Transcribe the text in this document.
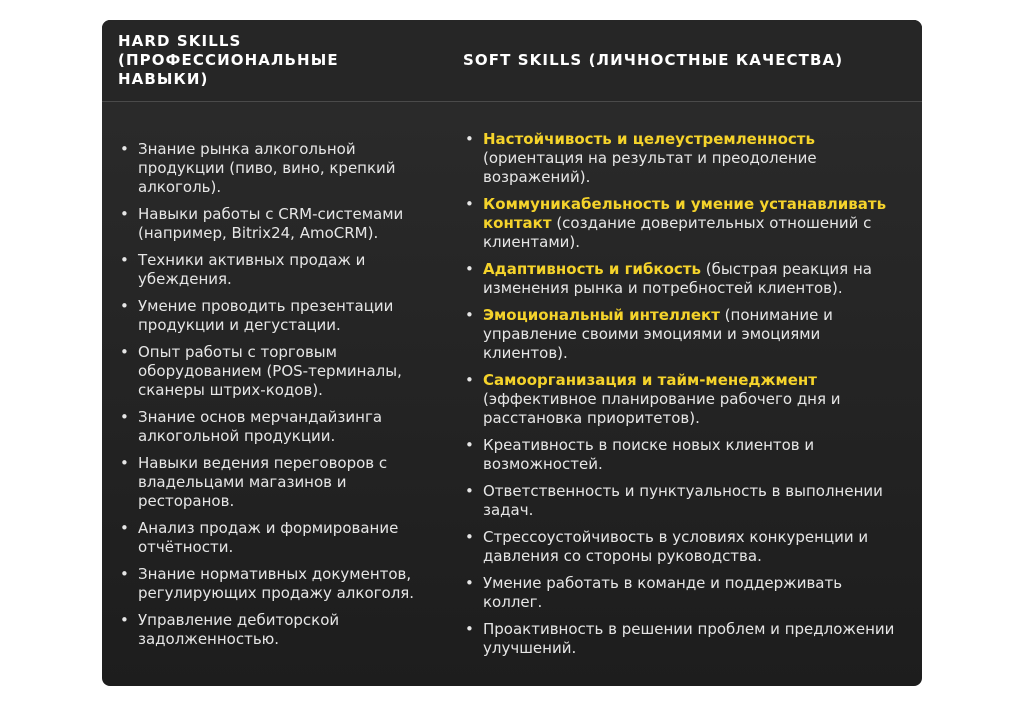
HARD SKILLS (ПРОФЕССИОНАЛЬНЫЕ НАВЫКИ)
SOFT SKILLS (ЛИЧНОСТНЫЕ КАЧЕСТВА)
• Знание рынка алкогольной продукции (пиво, вино, крепкий алкоголь).
• Навыки работы с CRM-системами (например, Bitrix24, AmoCRM).
• Техники активных продаж и убеждения.
• Умение проводить презентации продукции и дегустации.
• Опыт работы с торговым оборудованием (POS-терминалы, сканеры штрих-кодов).
• Знание основ мерчандайзинга алкогольной продукции.
• Навыки ведения переговоров с владельцами магазинов и ресторанов.
• Анализ продаж и формирование отчётности.
• Знание нормативных документов, регулирующих продажу алкоголя.
• Управление дебиторской задолженностью.
• Настойчивость и целеустремленность (ориентация на результат и преодоление возражений).
• Коммуникабельность и умение устанавливать контакт (создание доверительных отношений с клиентами).
• Адаптивность и гибкость (быстрая реакция на изменения рынка и потребностей клиентов).
• Эмоциональный интеллект (понимание и управление своими эмоциями и эмоциями клиентов).
• Самоорганизация и тайм-менеджмент (эффективное планирование рабочего дня и расстановка приоритетов).
• Креативность в поиске новых клиентов и возможностей.
• Ответственность и пунктуальность в выполнении задач.
• Стрессоустойчивость в условиях конкуренции и давления со стороны руководства.
• Умение работать в команде и поддерживать коллег.
• Проактивность в решении проблем и предложении улучшений.
